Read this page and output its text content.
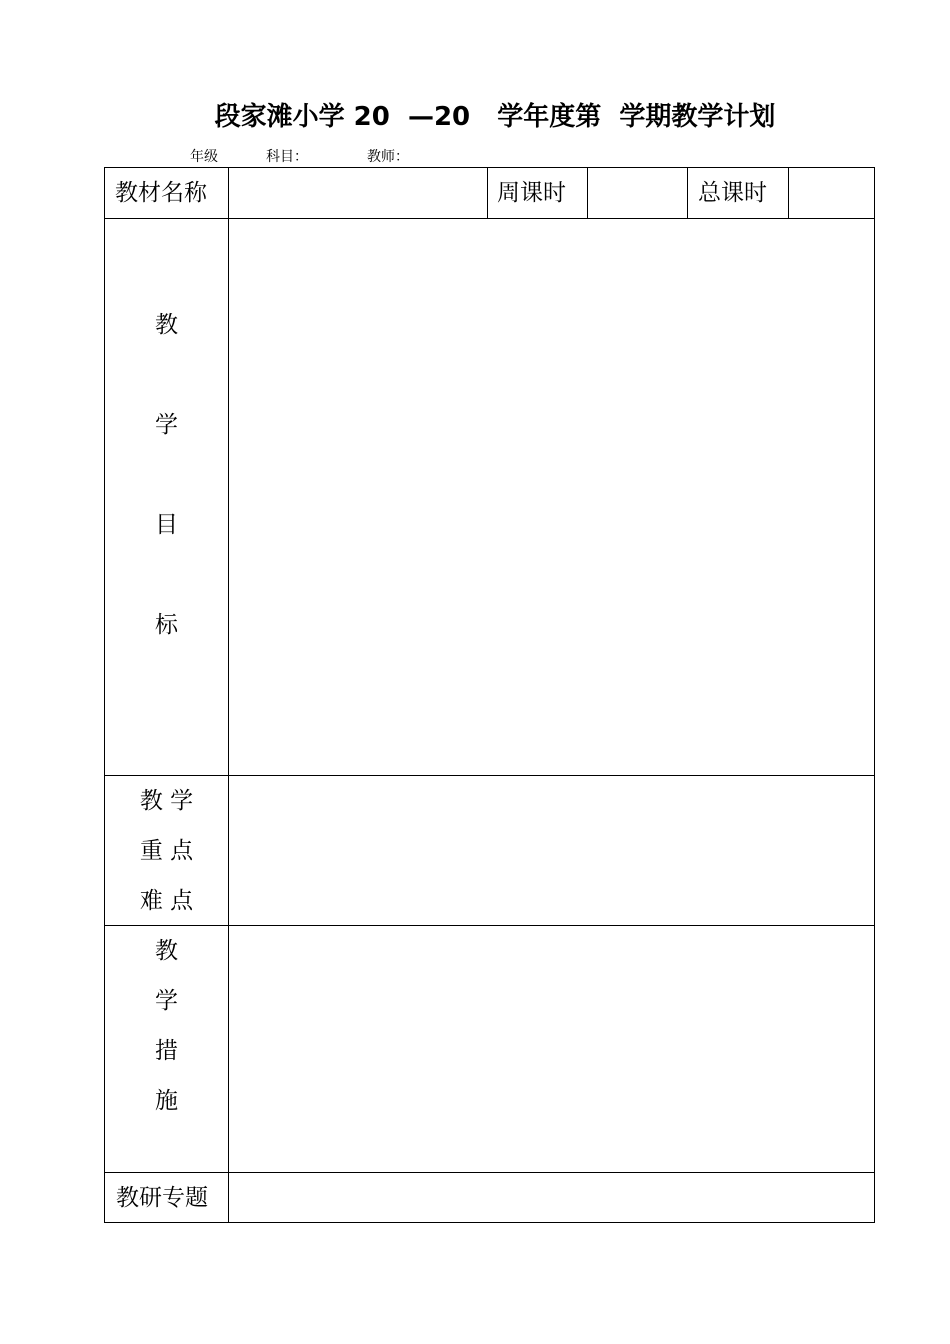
段家滩小学 20  —20   学年度第  学期教学计划
年级	科目：	教师：
教材名称	周课时	总课时
教
学
目
标
教 学
重 点
难 点
教
学
措
施
教研专题
